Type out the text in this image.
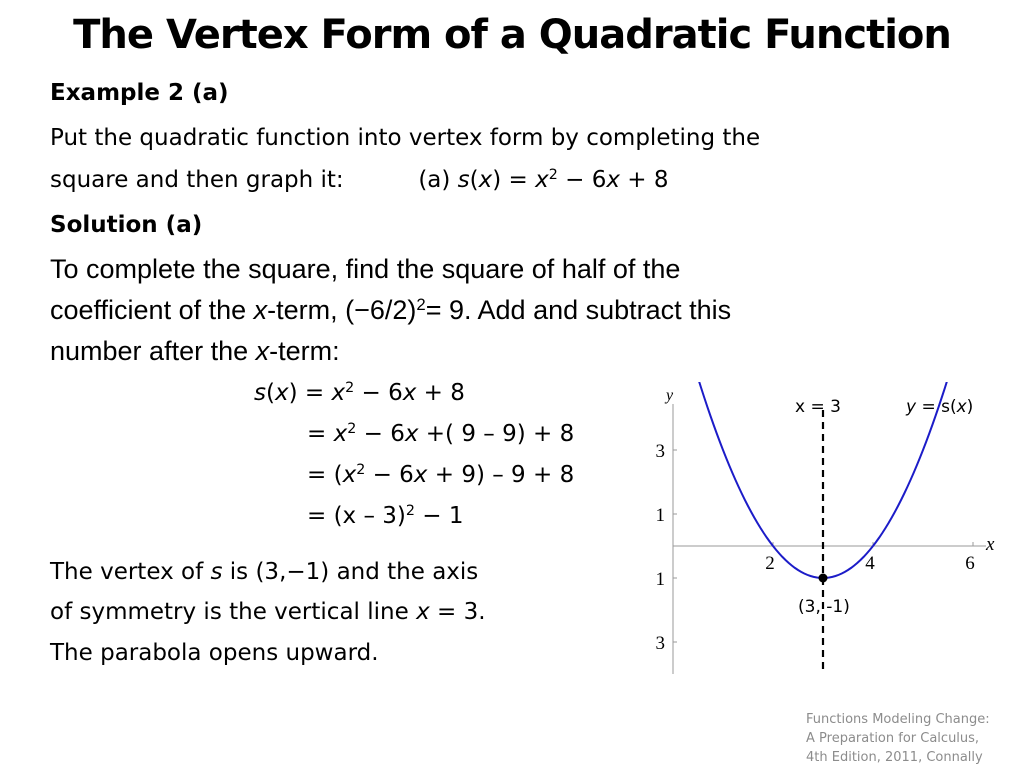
The Vertex Form of a Quadratic Function
Example 2 (a)
Put the quadratic function into vertex form by completing the
square and then graph it:	(a) $s(x) = x^2 - 6x + 8$
Solution (a)
To complete the square, find the square of half of the
coefficient of the x-term, $(-6/2)^2= 9$. Add and subtract this
number after the x-term:
$s(x) = x^2 - 6x + 8$
= $x^2 - 6x$ +( 9 – 9) + 8
= $(x^2 - 6x + 9) - 9 + 8$
= (x – 3)$^2$ − 1
The vertex of s is (3,−1) and the axis
of symmetry is the vertical line x = 3.
The parabola opens upward.
2	4	6
3
1
1
3
x
y
x = 3	y = s(x)
(3, -1)
Functions Modeling Change:
A Preparation for Calculus,
4th Edition, 2011, Connally
